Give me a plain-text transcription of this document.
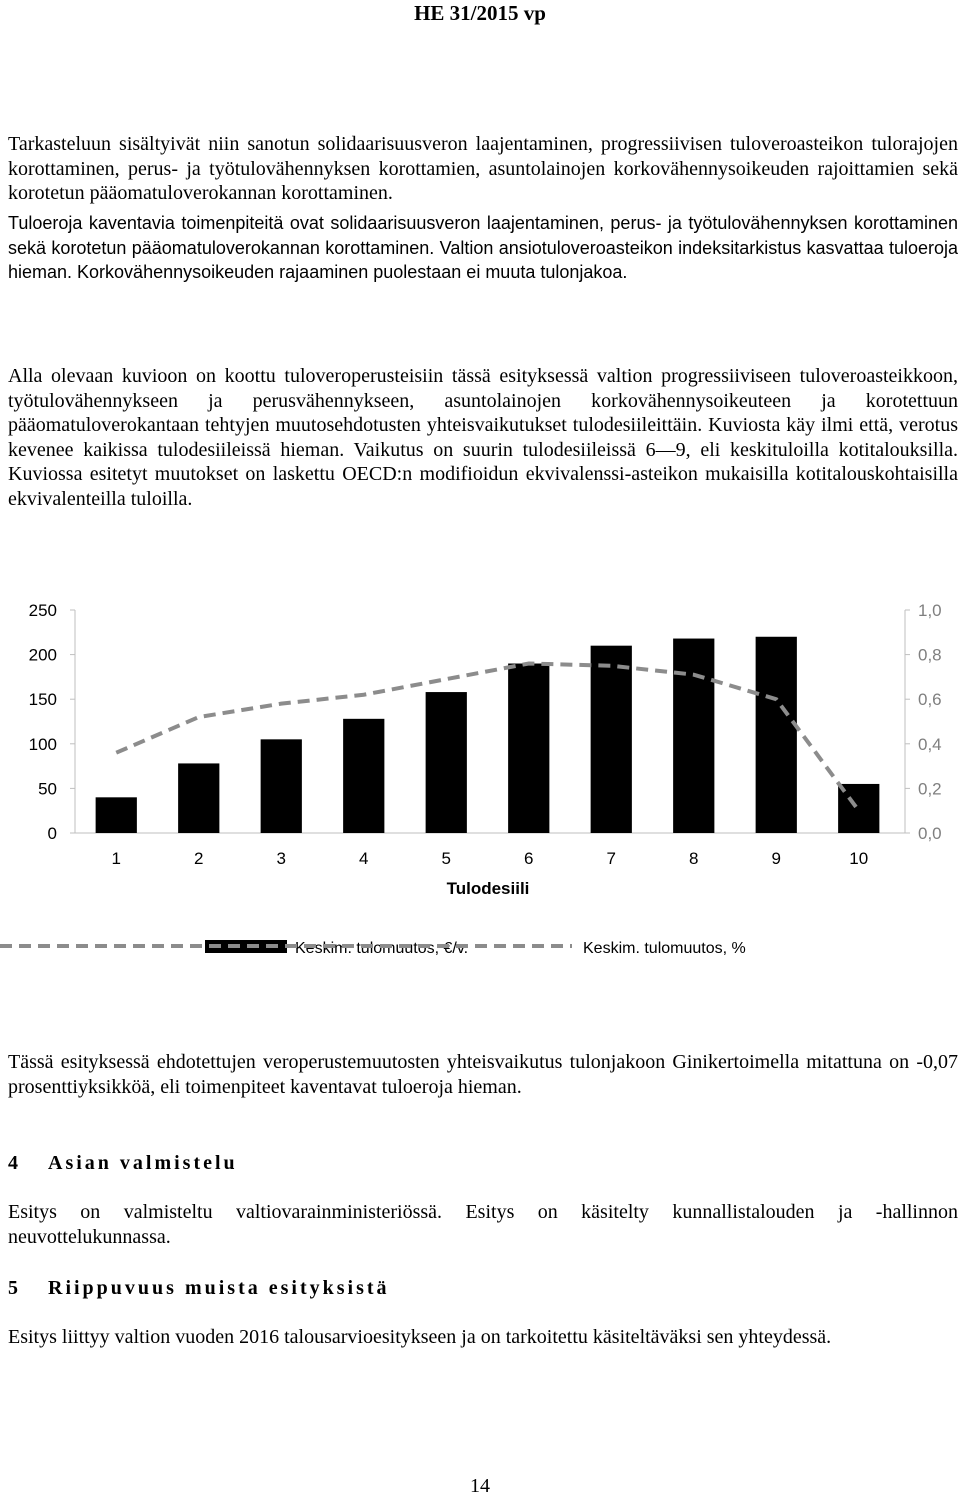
HE 31/2015 vp

Tarkasteluun sisältyivät niin sanotun solidaarisuusveron laajentaminen, progressiivisen tuloveroasteikon tulorajojen korottaminen, perus- ja työtulovähennyksen korottamien, asuntolainojen korkovähennysoikeuden rajoittamien sekä korotetun pääomatuloverokannan korottaminen.

Tuloeroja kaventavia toimenpiteitä ovat solidaarisuusveron laajentaminen, perus- ja työtulovähennyksen korottaminen sekä korotetun pääomatuloverokannan korottaminen. Valtion ansiotuloveroasteikon indeksitarkistus kasvattaa tuloeroja hieman. Korkovähennysoikeuden rajaaminen puolestaan ei muuta tulonjakoa.

Alla olevaan kuvioon on koottu tuloveroperusteisiin tässä esityksessä valtion progressiiviseen tuloveroasteikkoon, työtulovähennykseen ja perusvähennykseen, asuntolainojen korkovähennysoikeuteen ja korotettuun pääomatuloverokantaan tehtyjen muutosehdotusten yhteisvaikutukset tulodesiileittäin. Kuviosta käy ilmi että, verotus kevenee kaikissa tulodesiileissä hieman. Vaikutus on suurin tulodesiileissä 6—9, eli keskituloilla kotitalouksilla. Kuviossa esitetyt muutokset on laskettu OECD:n modifioidun ekvivalenssi-asteikon mukaisilla kotitalouskohtaisilla ekvivalenteilla tuloilla.

0
50
100
150
200
250
0,0
0,2
0,4
0,6
0,8
1,0
1	2	3	4	5	6	7	8	9	10
Tulodesiili
Keskim. tulomuutos, €/v.	Keskim. tulomuutos, %

Tässä esityksessä ehdotettujen veroperustemuutosten yhteisvaikutus tulonjakoon Ginikertoimella mitattuna on -0,07 prosenttiyksikköä, eli toimenpiteet kaventavat tuloeroja hieman.

4 Asian valmistelu

Esitys on valmisteltu valtiovarainministeriössä. Esitys on käsitelty kunnallistalouden ja -hallinnon neuvottelukunnassa.

5 Riippuvuus muista esityksistä

Esitys liittyy valtion vuoden 2016 talousarvioesitykseen ja on tarkoitettu käsiteltäväksi sen yhteydessä.

14
